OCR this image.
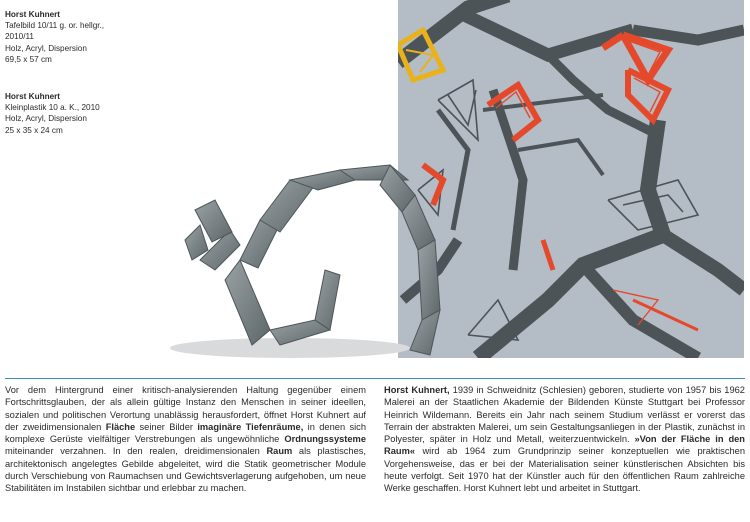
Horst Kuhnert
Tafelbild 10/11 g. or. hellgr.,
2010/11
Holz, Acryl, Dispersion
69,5 x 57 cm
Horst Kuhnert
Kleinplastik 10 a. K., 2010
Holz, Acryl, Dispersion
25 x 35 x 24 cm

Vor dem Hintergrund einer kritisch-analysierenden Haltung gegenüber einem Fortschrittsglauben, der als allein gültige Instanz den Menschen in seiner ideellen, sozialen und politischen Verortung unablässig herausfordert, öffnet Horst Kuhnert auf der zweidimensionalen Fläche seiner Bilder imaginäre Tiefenräume, in denen sich komplexe Gerüste vielfältiger Verstrebungen als ungewöhnliche Ordnungssysteme miteinander verzahnen. In den realen, dreidimensionalen Raum als plastisches, architektonisch angelegtes Gebilde abgeleitet, wird die Statik geometrischer Module durch Verschiebung von Raumachsen und Gewichtsverlagerung aufgehoben, um neue Stabilitäten im Instabilen sichtbar und erlebbar zu machen.

Horst Kuhnert, 1939 in Schweidnitz (Schlesien) geboren, studierte von 1957 bis 1962 Malerei an der Staatlichen Akademie der Bildenden Künste Stuttgart bei Professor Heinrich Wildemann. Bereits ein Jahr nach seinem Studium verlässt er vorerst das Terrain der abstrakten Malerei, um sein Gestaltungsanliegen in der Plastik, zunächst in Polyester, später in Holz und Metall, weiterzuentwickeln. »Von der Fläche in den Raum« wird ab 1964 zum Grundprinzip seiner konzeptuellen wie praktischen Vorgehensweise, das er bei der Materialisation seiner künstlerischen Absichten bis heute verfolgt. Seit 1970 hat der Künstler auch für den öffentlichen Raum zahlreiche Werke geschaffen. Horst Kuhnert lebt und arbeitet in Stuttgart.
